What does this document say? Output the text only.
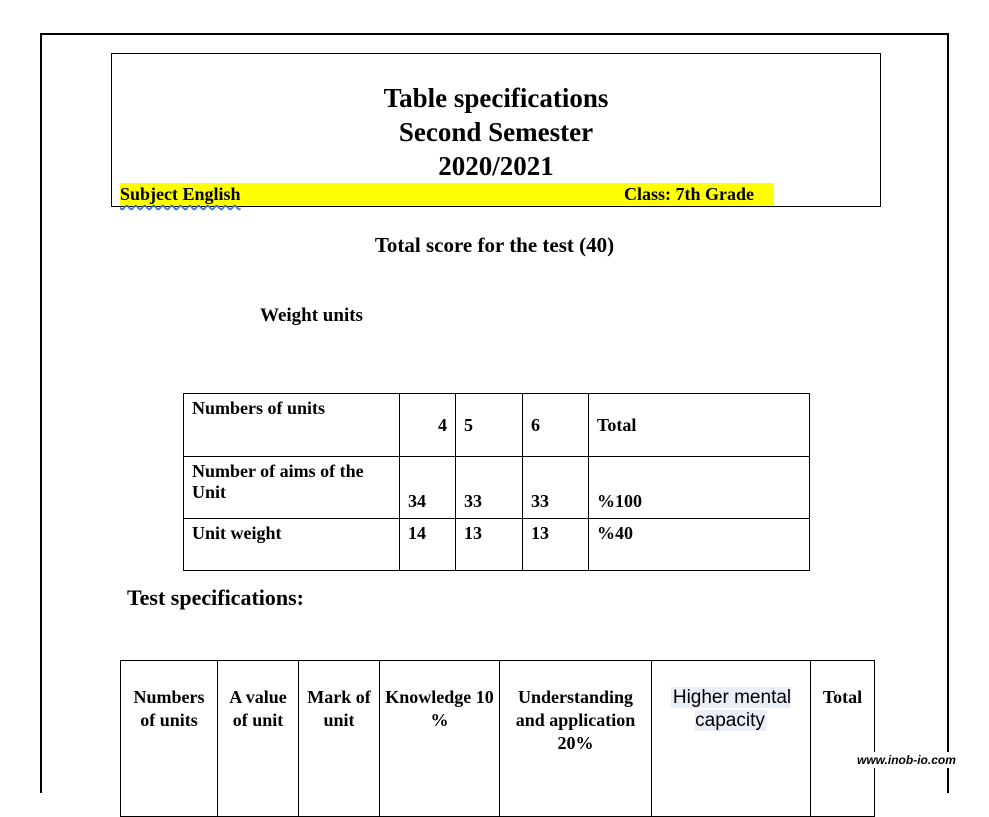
Table specifications
Second Semester
2020/2021
Subject English	Class: 7th Grade
Total score for the test (40)
Weight units
Numbers of units	4	5	6	Total
Number of aims of the Unit	34	33	33	%100
Unit weight	14	13	13	%40
Test specifications:
Numbers of units	A value of unit	Mark of unit	Knowledge 10 %	Understanding and application 20%	Higher mental capacity	Total
www.inob-io.com
